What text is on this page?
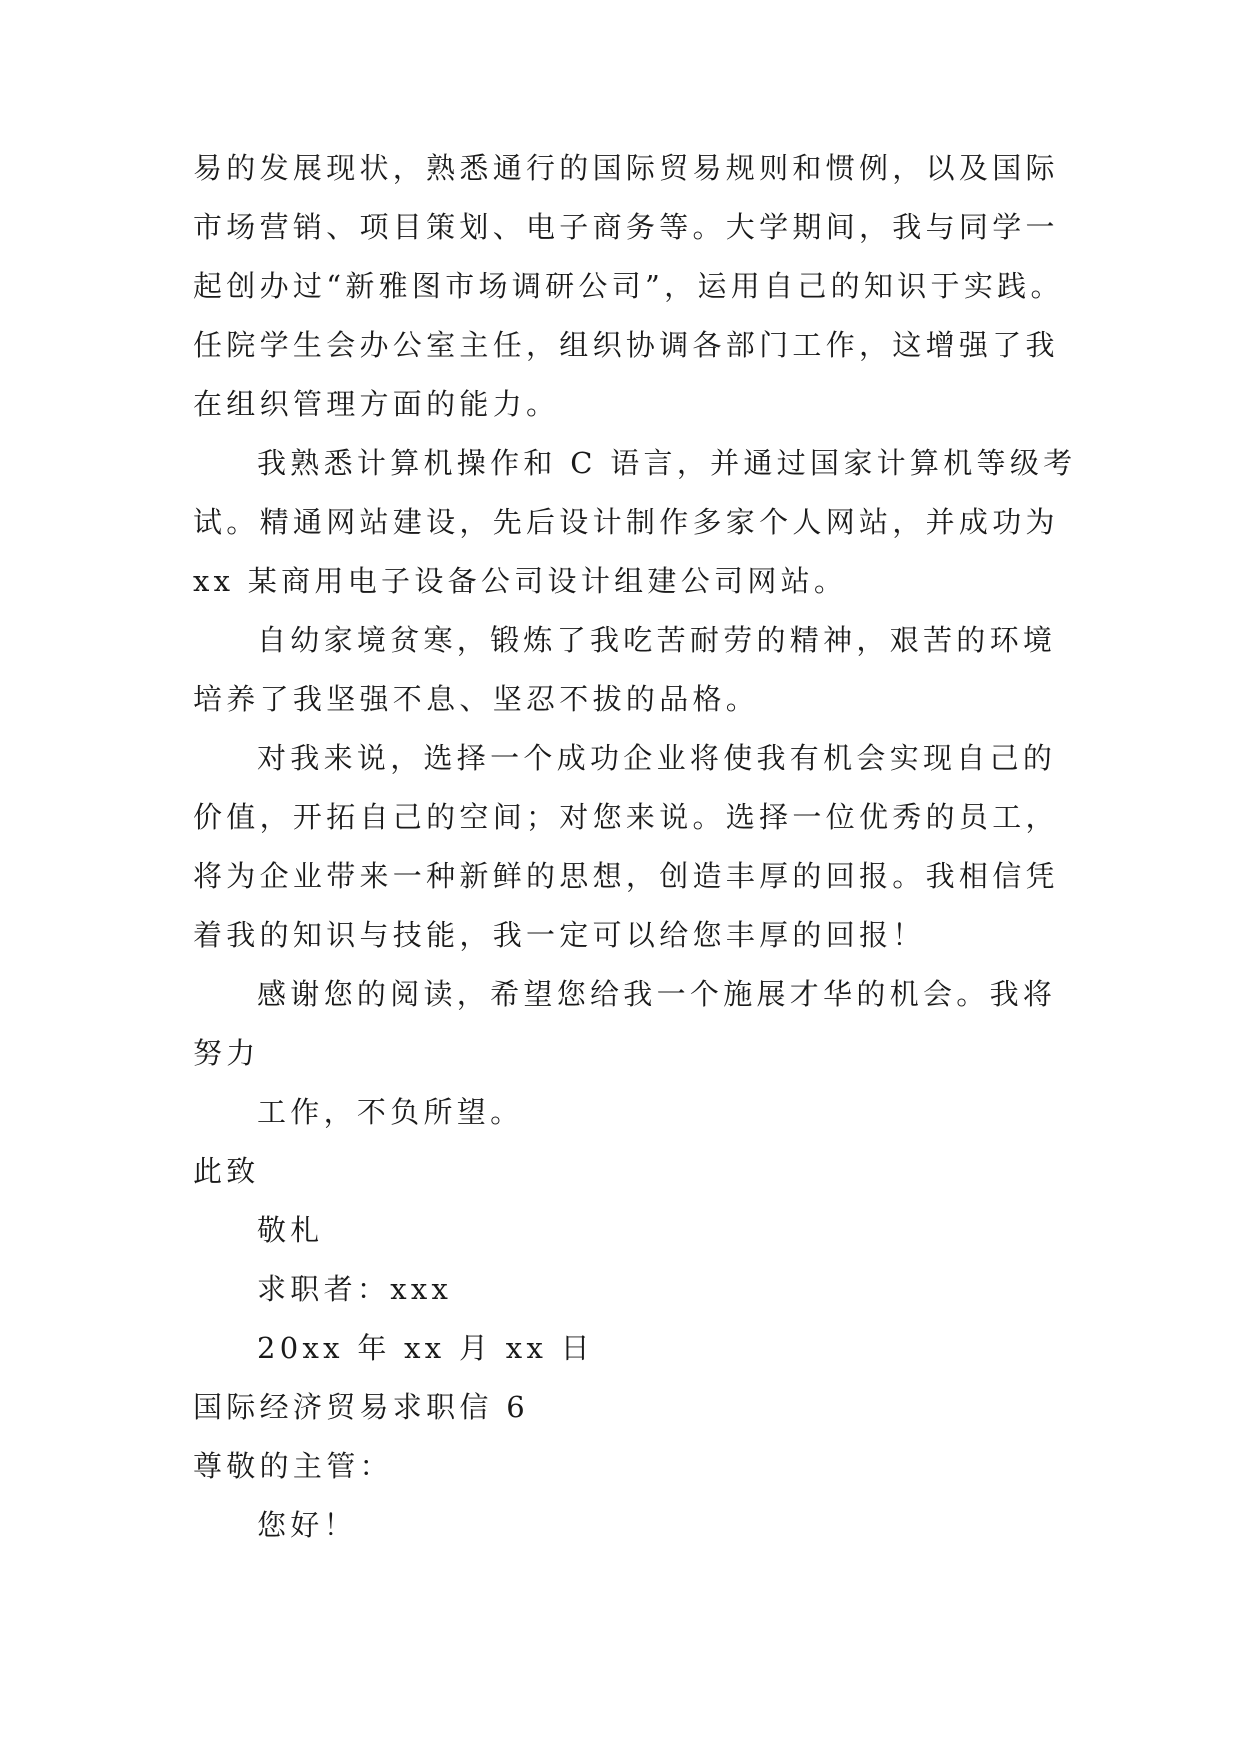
易的发展现状，熟悉通行的国际贸易规则和惯例，以及国际
市场营销、项目策划、电子商务等。大学期间，我与同学一
起创办过“新雅图市场调研公司”，运用自己的知识于实践。
任院学生会办公室主任，组织协调各部门工作，这增强了我
在组织管理方面的能力。
我熟悉计算机操作和 C 语言，并通过国家计算机等级考
试。精通网站建设，先后设计制作多家个人网站，并成功为
xx 某商用电子设备公司设计组建公司网站。
自幼家境贫寒，锻炼了我吃苦耐劳的精神，艰苦的环境
培养了我坚强不息、坚忍不拔的品格。
对我来说，选择一个成功企业将使我有机会实现自己的
价值，开拓自己的空间；对您来说。选择一位优秀的员工，
将为企业带来一种新鲜的思想，创造丰厚的回报。我相信凭
着我的知识与技能，我一定可以给您丰厚的回报！
感谢您的阅读，希望您给我一个施展才华的机会。我将
努力
工作，不负所望。
此致
敬札
求职者：xxx
20xx 年 xx 月 xx 日
国际经济贸易求职信 6
尊敬的主管：
您好！
